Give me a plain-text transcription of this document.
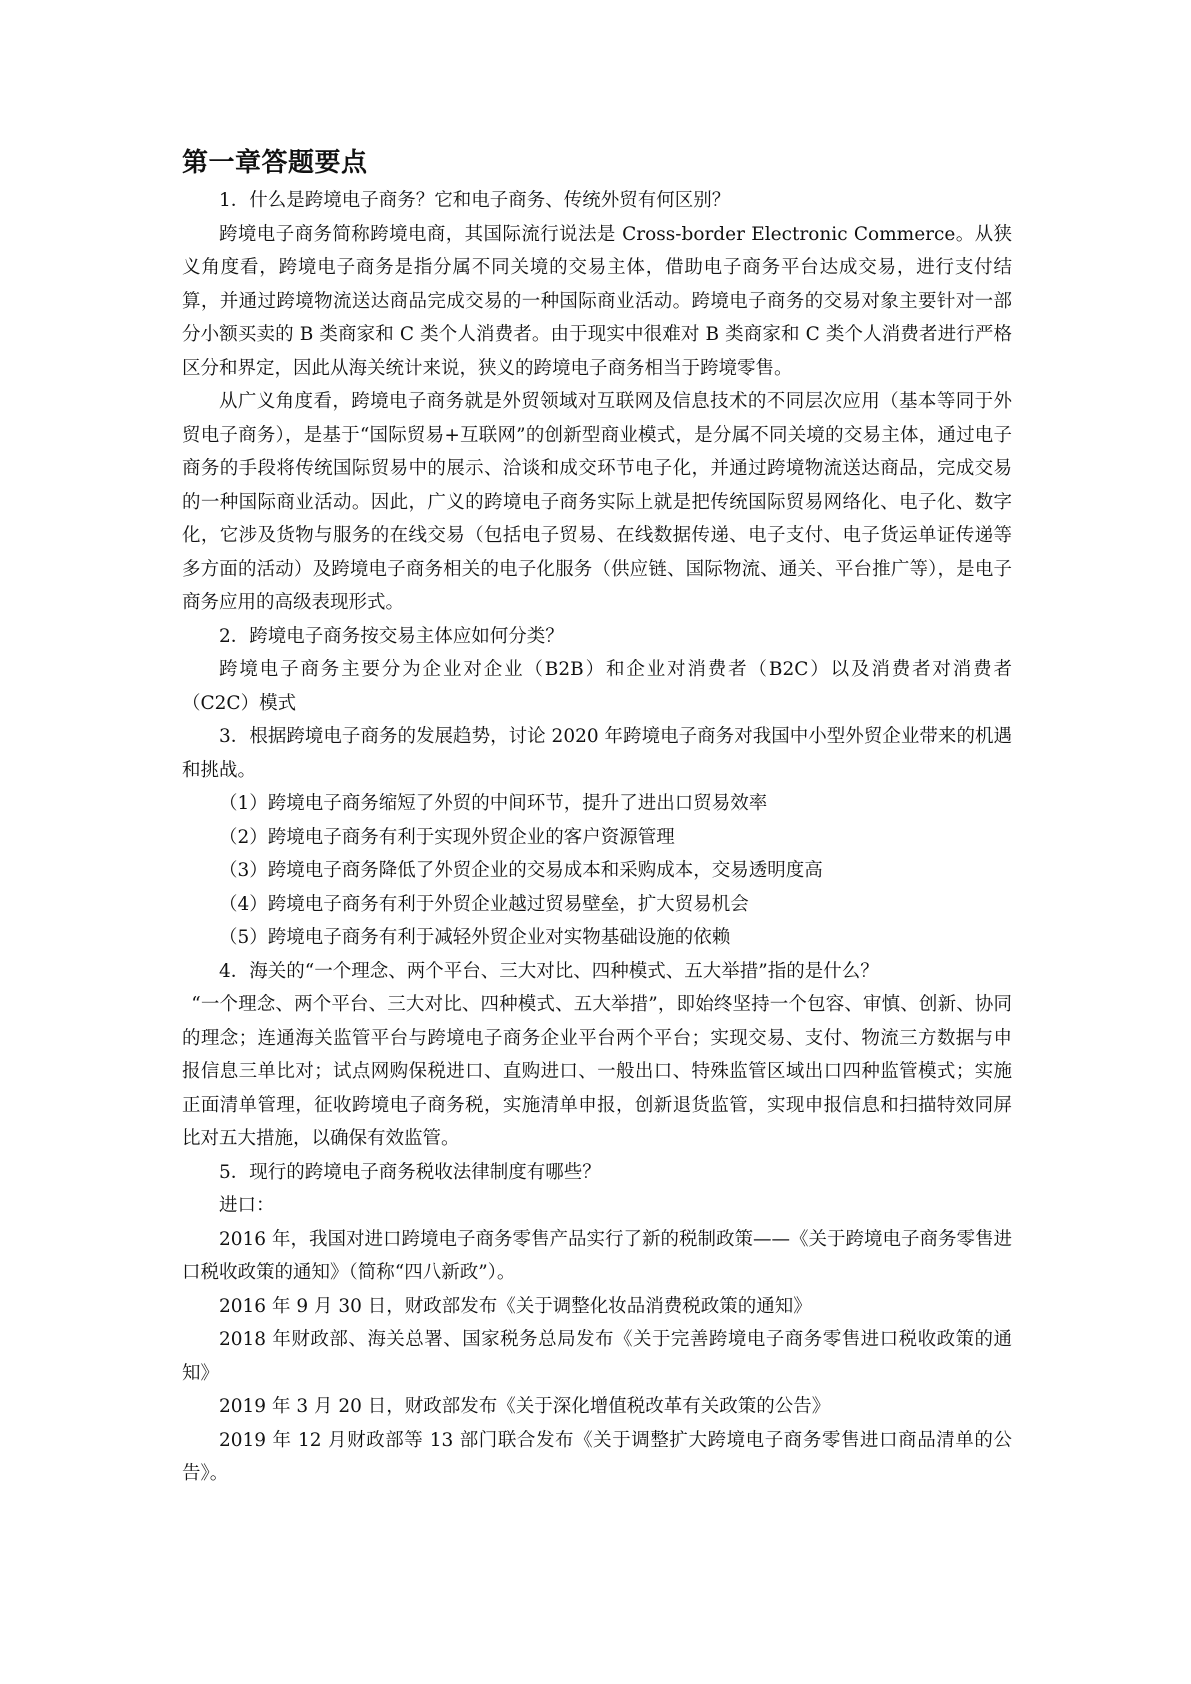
第一章答题要点

1．什么是跨境电子商务？它和电子商务、传统外贸有何区别？

跨境电子商务简称跨境电商，其国际流行说法是 Cross-border Electronic Commerce。从狭义角度看，跨境电子商务是指分属不同关境的交易主体，借助电子商务平台达成交易，进行支付结算，并通过跨境物流送达商品完成交易的一种国际商业活动。跨境电子商务的交易对象主要针对一部分小额买卖的 B 类商家和 C 类个人消费者。由于现实中很难对 B 类商家和 C 类个人消费者进行严格区分和界定，因此从海关统计来说，狭义的跨境电子商务相当于跨境零售。

从广义角度看，跨境电子商务就是外贸领域对互联网及信息技术的不同层次应用（基本等同于外贸电子商务），是基于“国际贸易+互联网”的创新型商业模式，是分属不同关境的交易主体，通过电子商务的手段将传统国际贸易中的展示、洽谈和成交环节电子化，并通过跨境物流送达商品，完成交易的一种国际商业活动。因此，广义的跨境电子商务实际上就是把传统国际贸易网络化、电子化、数字化，它涉及货物与服务的在线交易（包括电子贸易、在线数据传递、电子支付、电子货运单证传递等多方面的活动）及跨境电子商务相关的电子化服务（供应链、国际物流、通关、平台推广等），是电子商务应用的高级表现形式。

2．跨境电子商务按交易主体应如何分类？

跨境电子商务主要分为企业对企业（B2B）和企业对消费者（B2C）以及消费者对消费者（C2C）模式

3．根据跨境电子商务的发展趋势，讨论 2020 年跨境电子商务对我国中小型外贸企业带来的机遇和挑战。

（1）跨境电子商务缩短了外贸的中间环节，提升了进出口贸易效率

（2）跨境电子商务有利于实现外贸企业的客户资源管理

（3）跨境电子商务降低了外贸企业的交易成本和采购成本，交易透明度高

（4）跨境电子商务有利于外贸企业越过贸易壁垒，扩大贸易机会

（5）跨境电子商务有利于减轻外贸企业对实物基础设施的依赖

4．海关的“一个理念、两个平台、三大对比、四种模式、五大举措”指的是什么？

“一个理念、两个平台、三大对比、四种模式、五大举措”，即始终坚持一个包容、审慎、创新、协同的理念；连通海关监管平台与跨境电子商务企业平台两个平台；实现交易、支付、物流三方数据与申报信息三单比对；试点网购保税进口、直购进口、一般出口、特殊监管区域出口四种监管模式；实施正面清单管理，征收跨境电子商务税，实施清单申报，创新退货监管，实现申报信息和扫描特效同屏比对五大措施，以确保有效监管。

5．现行的跨境电子商务税收法律制度有哪些？

进口：

2016 年，我国对进口跨境电子商务零售产品实行了新的税制政策——《关于跨境电子商务零售进口税收政策的通知》（简称“四八新政”）。

2016 年 9 月 30 日，财政部发布《关于调整化妆品消费税政策的通知》

2018 年财政部、海关总署、国家税务总局发布《关于完善跨境电子商务零售进口税收政策的通知》

2019 年 3 月 20 日，财政部发布《关于深化增值税改革有关政策的公告》

2019 年 12 月财政部等 13 部门联合发布《关于调整扩大跨境电子商务零售进口商品清单的公告》。
